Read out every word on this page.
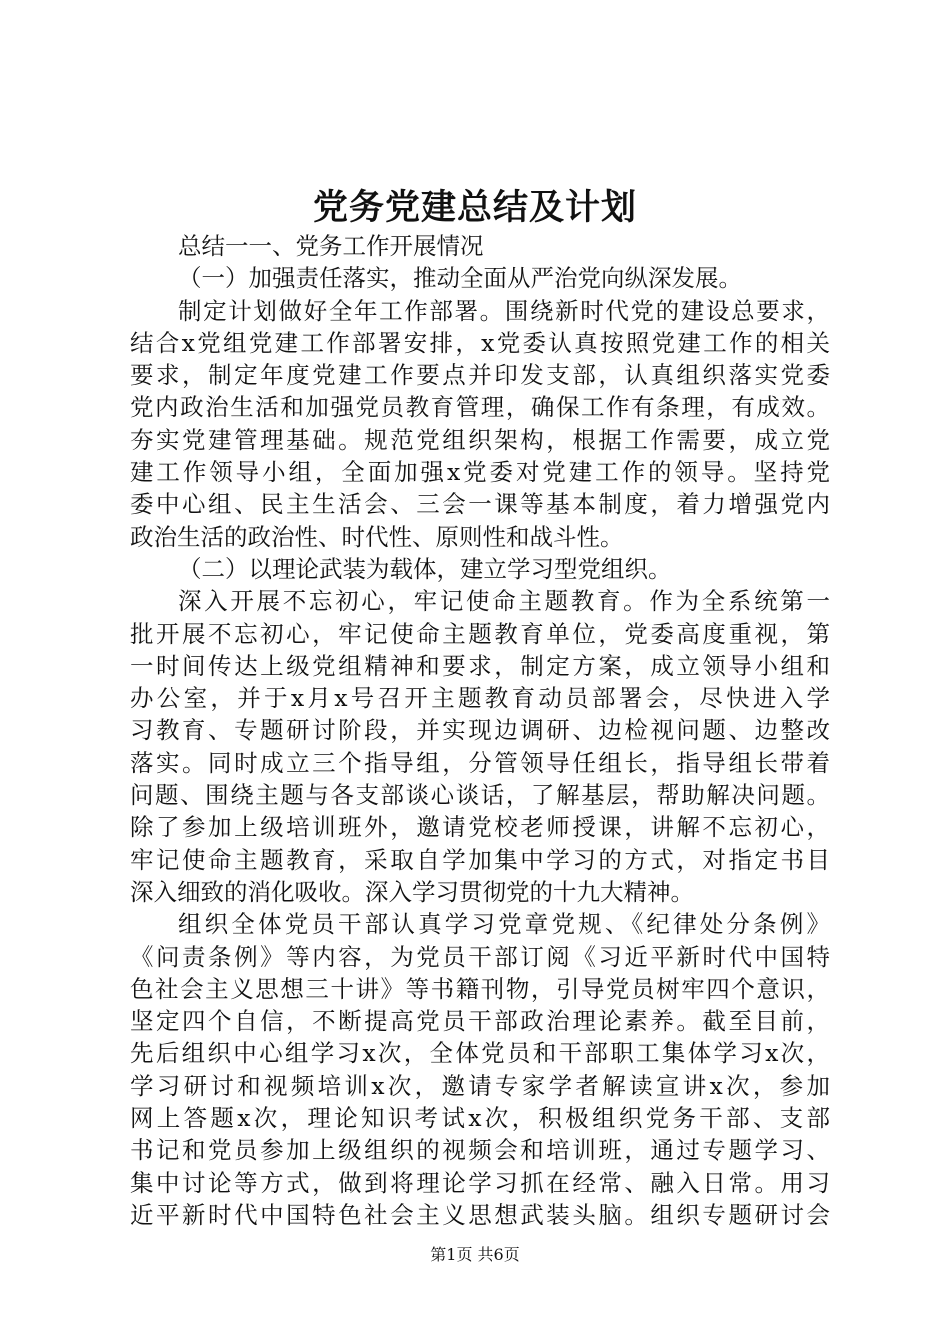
党务党建总结及计划
总结一一、党务工作开展情况
（一）加强责任落实，推动全面从严治党向纵深发展。
制定计划做好全年工作部署。围绕新时代党的建设总要求，
结合x党组党建工作部署安排，x党委认真按照党建工作的相关
要求，制定年度党建工作要点并印发支部，认真组织落实党委
党内政治生活和加强党员教育管理，确保工作有条理，有成效。
夯实党建管理基础。规范党组织架构，根据工作需要，成立党
建工作领导小组，全面加强x党委对党建工作的领导。坚持党
委中心组、民主生活会、三会一课等基本制度，着力增强党内
政治生活的政治性、时代性、原则性和战斗性。
（二）以理论武装为载体，建立学习型党组织。
深入开展不忘初心，牢记使命主题教育。作为全系统第一
批开展不忘初心，牢记使命主题教育单位，党委高度重视，第
一时间传达上级党组精神和要求，制定方案，成立领导小组和
办公室，并于x月x号召开主题教育动员部署会，尽快进入学
习教育、专题研讨阶段，并实现边调研、边检视问题、边整改
落实。同时成立三个指导组，分管领导任组长，指导组长带着
问题、围绕主题与各支部谈心谈话，了解基层，帮助解决问题。
除了参加上级培训班外，邀请党校老师授课，讲解不忘初心，
牢记使命主题教育，采取自学加集中学习的方式，对指定书目
深入细致的消化吸收。深入学习贯彻党的十九大精神。
组织全体党员干部认真学习党章党规、《纪律处分条例》
《问责条例》等内容，为党员干部订阅《习近平新时代中国特
色社会主义思想三十讲》等书籍刊物，引导党员树牢四个意识，
坚定四个自信，不断提高党员干部政治理论素养。截至目前，
先后组织中心组学习x次，全体党员和干部职工集体学习x次，
学习研讨和视频培训x次，邀请专家学者解读宣讲x次，参加
网上答题x次，理论知识考试x次，积极组织党务干部、支部
书记和党员参加上级组织的视频会和培训班，通过专题学习、
集中讨论等方式，做到将理论学习抓在经常、融入日常。用习
近平新时代中国特色社会主义思想武装头脑。组织专题研讨会
第1页 共6页
